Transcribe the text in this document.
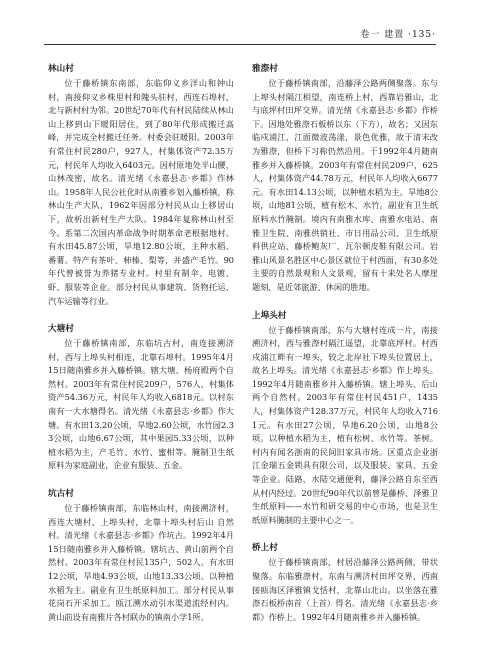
卷一 建置 ·135·

林山村

位于藤桥镇东南部，东临仰义乡洋山和钟山村，南接仰义乡株里村和隗头驻村，西连石埠村，北与新村村为邻。20世纪70年代有村民陆续从林山山上移到山下暖阳居住，到了80年代形成搬迁高峰，并完成全村搬迁任务。村委会驻暖阳。2003年有常住村民280户，927人，村集体资产72.35万元，村民年人均收入6403元。因村原地处半山腰，山林茂密，故名。清光绪《永嘉县志·乡都》作林山。1958年人民公社化时从南雅乡划入藤桥镇，称林山生产大队，1962年因部分村民从山上移居山下，故析出新村生产大队。1984年复称林山村至今。系第二次国内革命战争时期革命老根据地村。有水田45.87公顷，旱地12.80公顷，主种水稻、番薯。特产有茶叶、柿榛、梨等，并盛产毛竹。90年代曾被誉为养猪专业村。村里有制伞、电镀、虾、服装等企业。部分村民从事建筑、货物托运、汽车运输等行业。

大塘村

位于藤桥镇南部，东临坑古村，南连接溯济村，西与上埠头村相连，北靠石埠村。1995年4月15日随南雅乡并入藤桥镇。辖大塘、杨府殿两个自然村。2003年有常住村民209户，576人，村集体资产54.36万元，村民年人均收入6818元。以村东南有一大水塘得名。清光绪《永嘉县志·乡都》作大塘。有水田13.20公顷，旱地2.60公顷，水竹园2.33公顷，山地6.67公顷，其中果园5.33公顷，以种植水稻为主，产毛竹、水竹、蜜柑等。腌制卫生纸原料为家庭副业，企业有服装、五金。

坑古村

位于藤桥镇南部，东临林山村，南接溯济村，西连大塘村、上埠头村，北靠十埠头村后山 自然村。清光绪《永嘉县志·乡都》作坑古。1992年4月15日随南雅乡并入藤桥镇。辖坑古、黄山前两个自然村。2003年有常住村民135户，502人。有水田12公顷，旱地4.93公顷，山地13.33公顷。以种植水稻为主。副业有卫生纸原料加工。部分村民从事花岗石开采加工。瓯江溯水动引水渠道流经村内。黄山前设有南雅片各村联办的镇南小学1所。

雅漈村

位于藤桥镇南部，沿藤泽公路两侧聚落。东与上埠头村隔江相望，南连桥上村，西靠岩雅山，北与底坪村田坪交界。清光绪《永嘉县志·乡都》作桥下。因地处雅漈石板桥以东（下方），故名；又因东临戍浦江，江面微波荡漾，景色优雅，故于清末改为雅漈，但桥下习称仍然沿用。于1992年4月随南雅乡并入藤桥镇。2003年有常住村民209户，625人，村集体资产44.78万元，村民年人均收入6677元。有水田14.13公顷，以种植水稻为主。旱地8公顷，山地81公顷，植有松木、水竹。副业有卫生纸原料水竹腌制。境内有南雅水库、南雅水电站、南雅卫生院、南雅供销社、市日用品公司、卫生纸原料供应站、藤桥鲍灰厂、瓦尔顿皮鞋有限公司。岩雅山风景名胜区中心景区就位于村西面，有30多处主要的自然景观和人文景观，留有十来处名人摩崖题刻，是近郊旅游、休闲的胜地。

上埠头村

位于藤桥镇南部，东与大塘村连成一片，南接溯济村，西与雅漈村隔江遥望，北靠底坪村。村西戍浦江畔有一埠头，较之北岸社下埠头位置居上，故名上埠头。清光绪《永嘉县志·乡都》作上埠头。1992年4月随南雅乡并入藤桥镇。辖上埠头、后山两个自然村。2003年有常住村民451户，1435人，村集体资产128.37万元，村民年人均收入7161元。有水田27公顷，旱地6.20公顷，山地8公顷。以种植水稻为主，植有松树、水竹等。茶树。村内有闻名浙南的民间旧家具市场。区重点企业浙江金瑞五金锁具有限公司，以及服装、家具、五金等企业。陆路，水陆交通便利，藤泽公路自东至西从村内经过。20世纪90年代以前曾是藤桥、泽雅卫生纸原料——水竹和研交易的中心市场，也是卫生纸原料腌制的主要中心之一。

桥上村

位于藤桥镇南部，村居沿藤泽公路两侧，带状聚落。东临雅漈村，东南与溯济村田坪交界，西南接瓯海区泽雅镇戈恬村，北靠山北山。以坐落在雅漈石板桥南首（上首）得名。清光绪《永嘉县志·乡都》作桥上。1992年4月随南雅乡并入藤桥镇。
